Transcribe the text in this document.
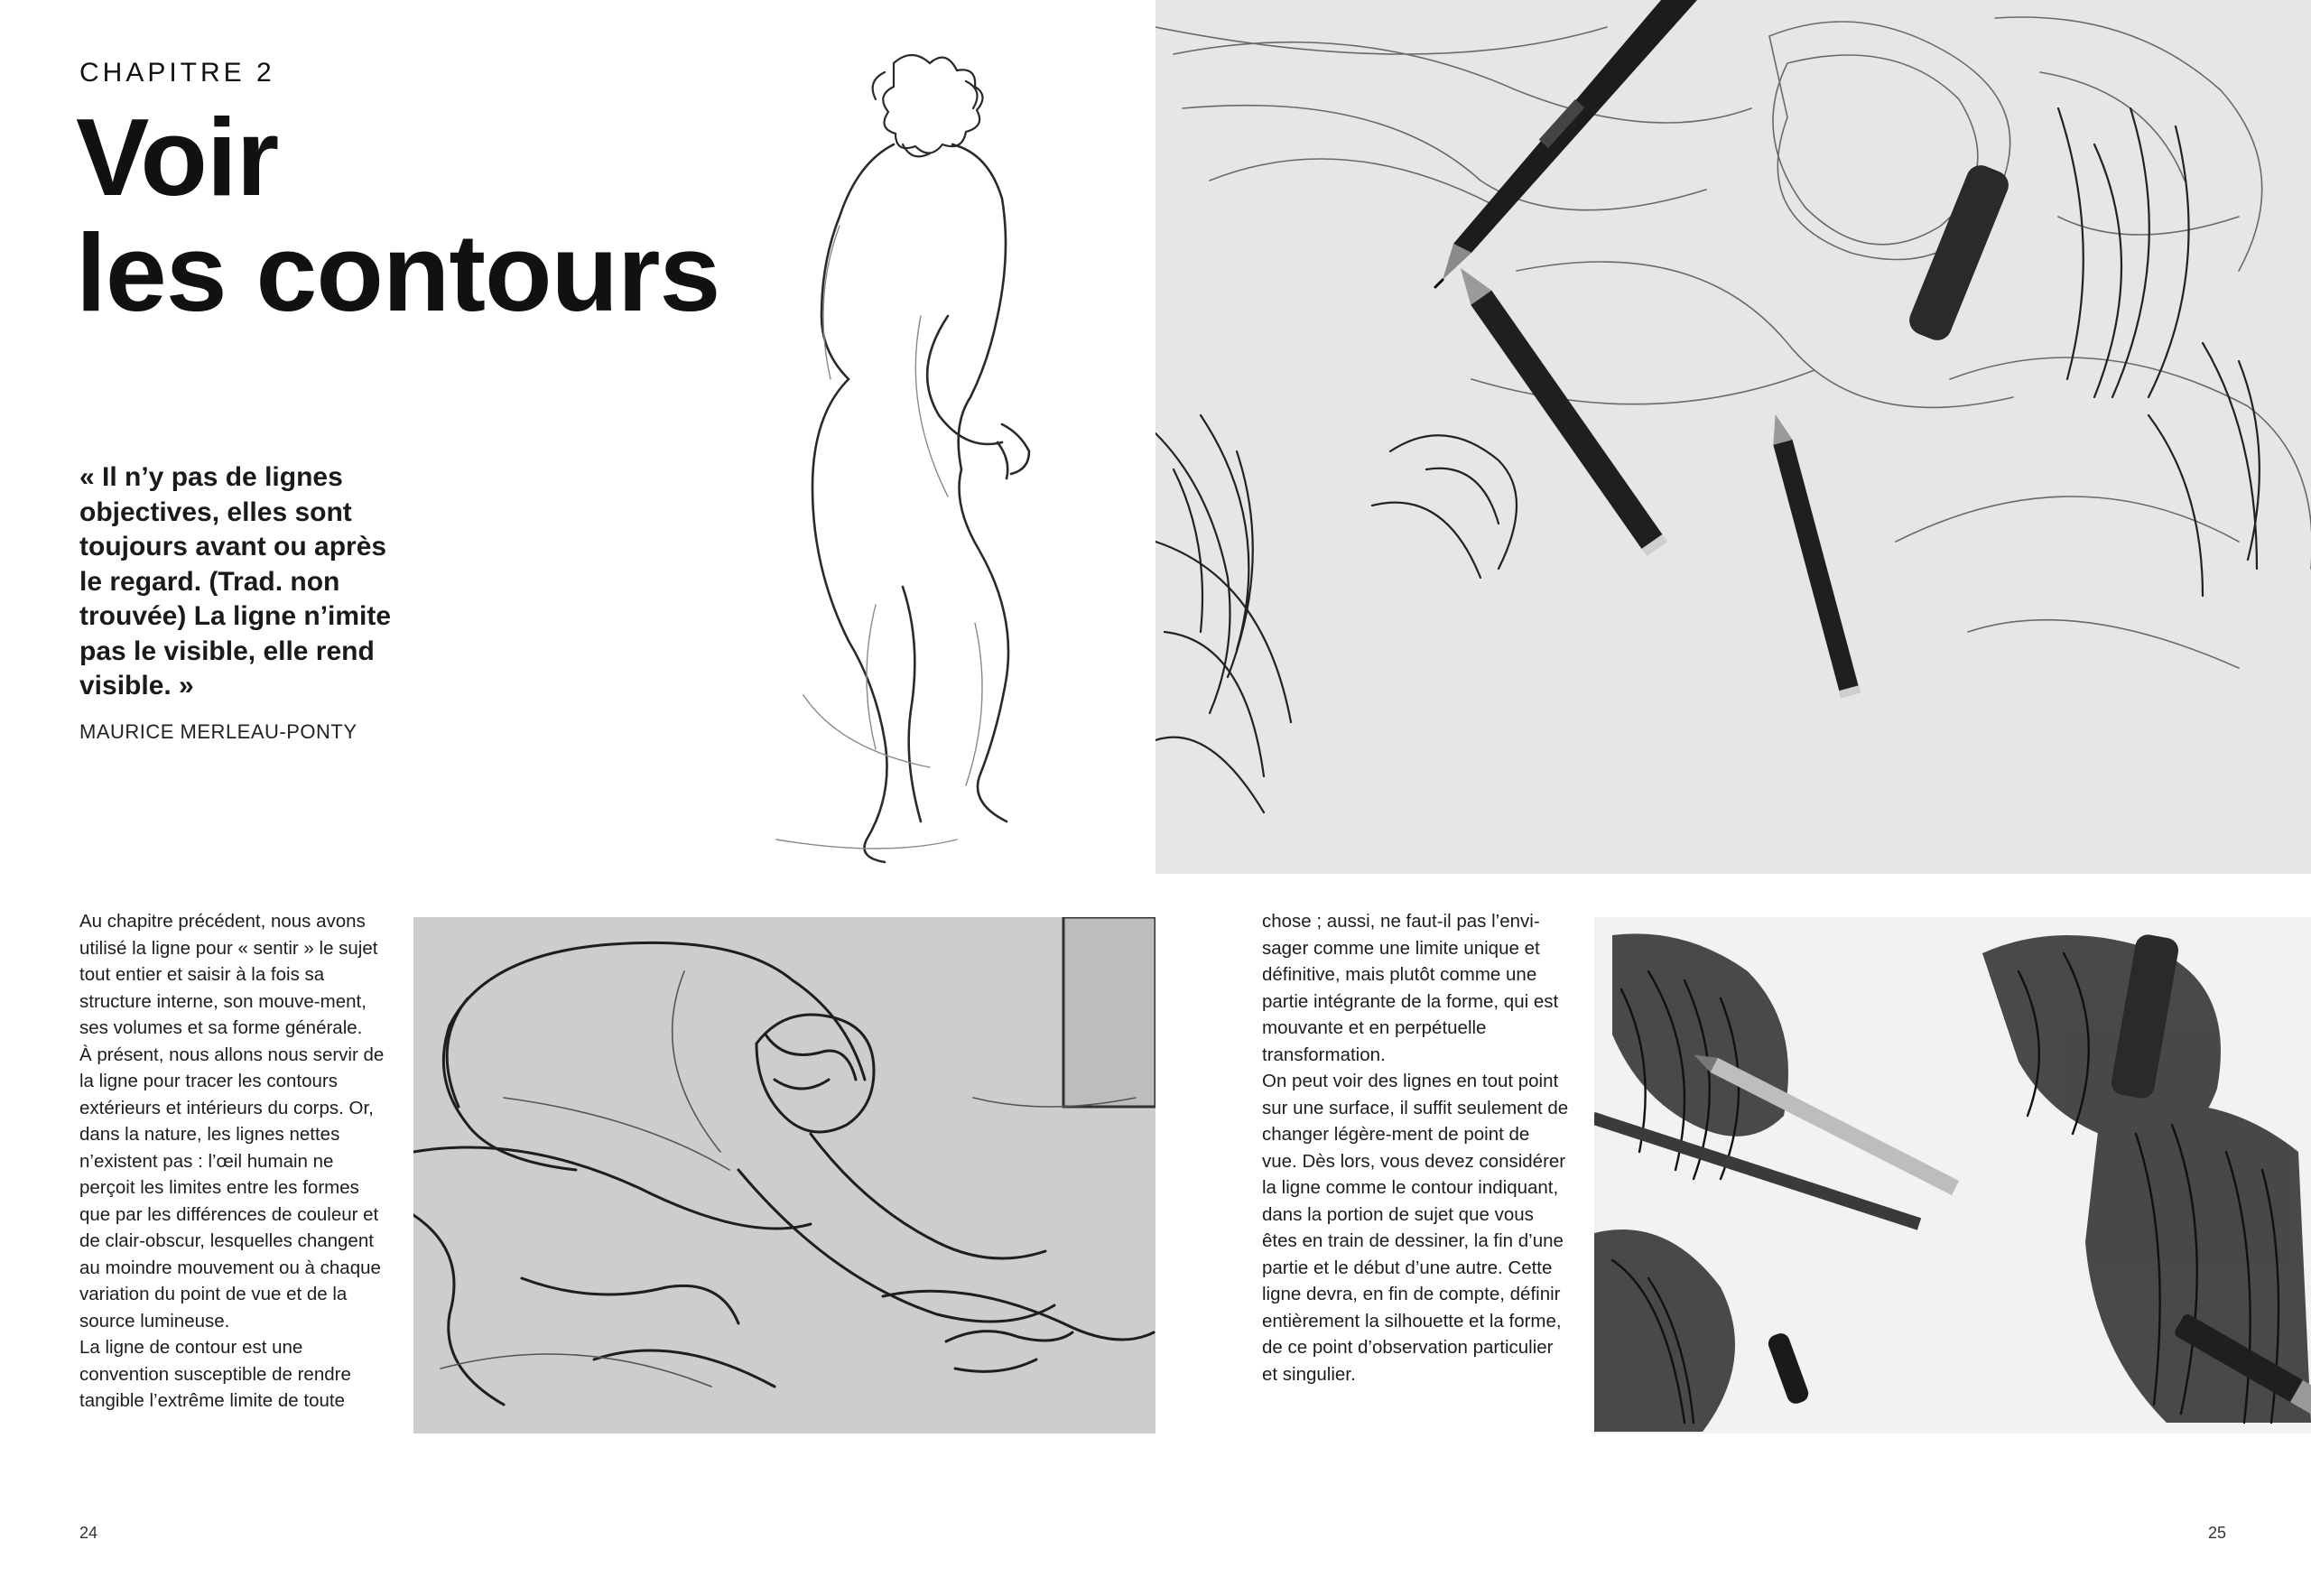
CHAPITRE 2
Voir
les contours
« Il n’y pas de lignes objectives, elles sont toujours avant ou après le regard. (Trad. non trouvée) La ligne n’imite pas le visible, elle rend visible. »
MAURICE MERLEAU-PONTY

Au chapitre précédent, nous avons utilisé la ligne pour « sentir » le sujet tout entier et saisir à la fois sa structure interne, son mouve-ment, ses volumes et sa forme générale.

À présent, nous allons nous servir de la ligne pour tracer les contours extérieurs et intérieurs du corps. Or, dans la nature, les lignes nettes n’existent pas : l’œil humain ne perçoit les limites entre les formes que par les différences de couleur et de clair-obscur, lesquelles changent au moindre mouvement ou à chaque variation du point de vue et de la source lumineuse.

La ligne de contour est une convention susceptible de rendre tangible l’extrême limite de toute

24

chose ; aussi, ne faut-il pas l’envi-sager comme une limite unique et définitive, mais plutôt comme une partie intégrante de la forme, qui est mouvante et en perpétuelle transformation.

On peut voir des lignes en tout point sur une surface, il suffit seulement de changer légère-ment de point de vue. Dès lors, vous devez considérer la ligne comme le contour indiquant, dans la portion de sujet que vous êtes en train de dessiner, la fin d’une partie et le début d’une autre. Cette ligne devra, en fin de compte, définir entièrement la silhouette et la forme, de ce point d’observation particulier et singulier.

25
